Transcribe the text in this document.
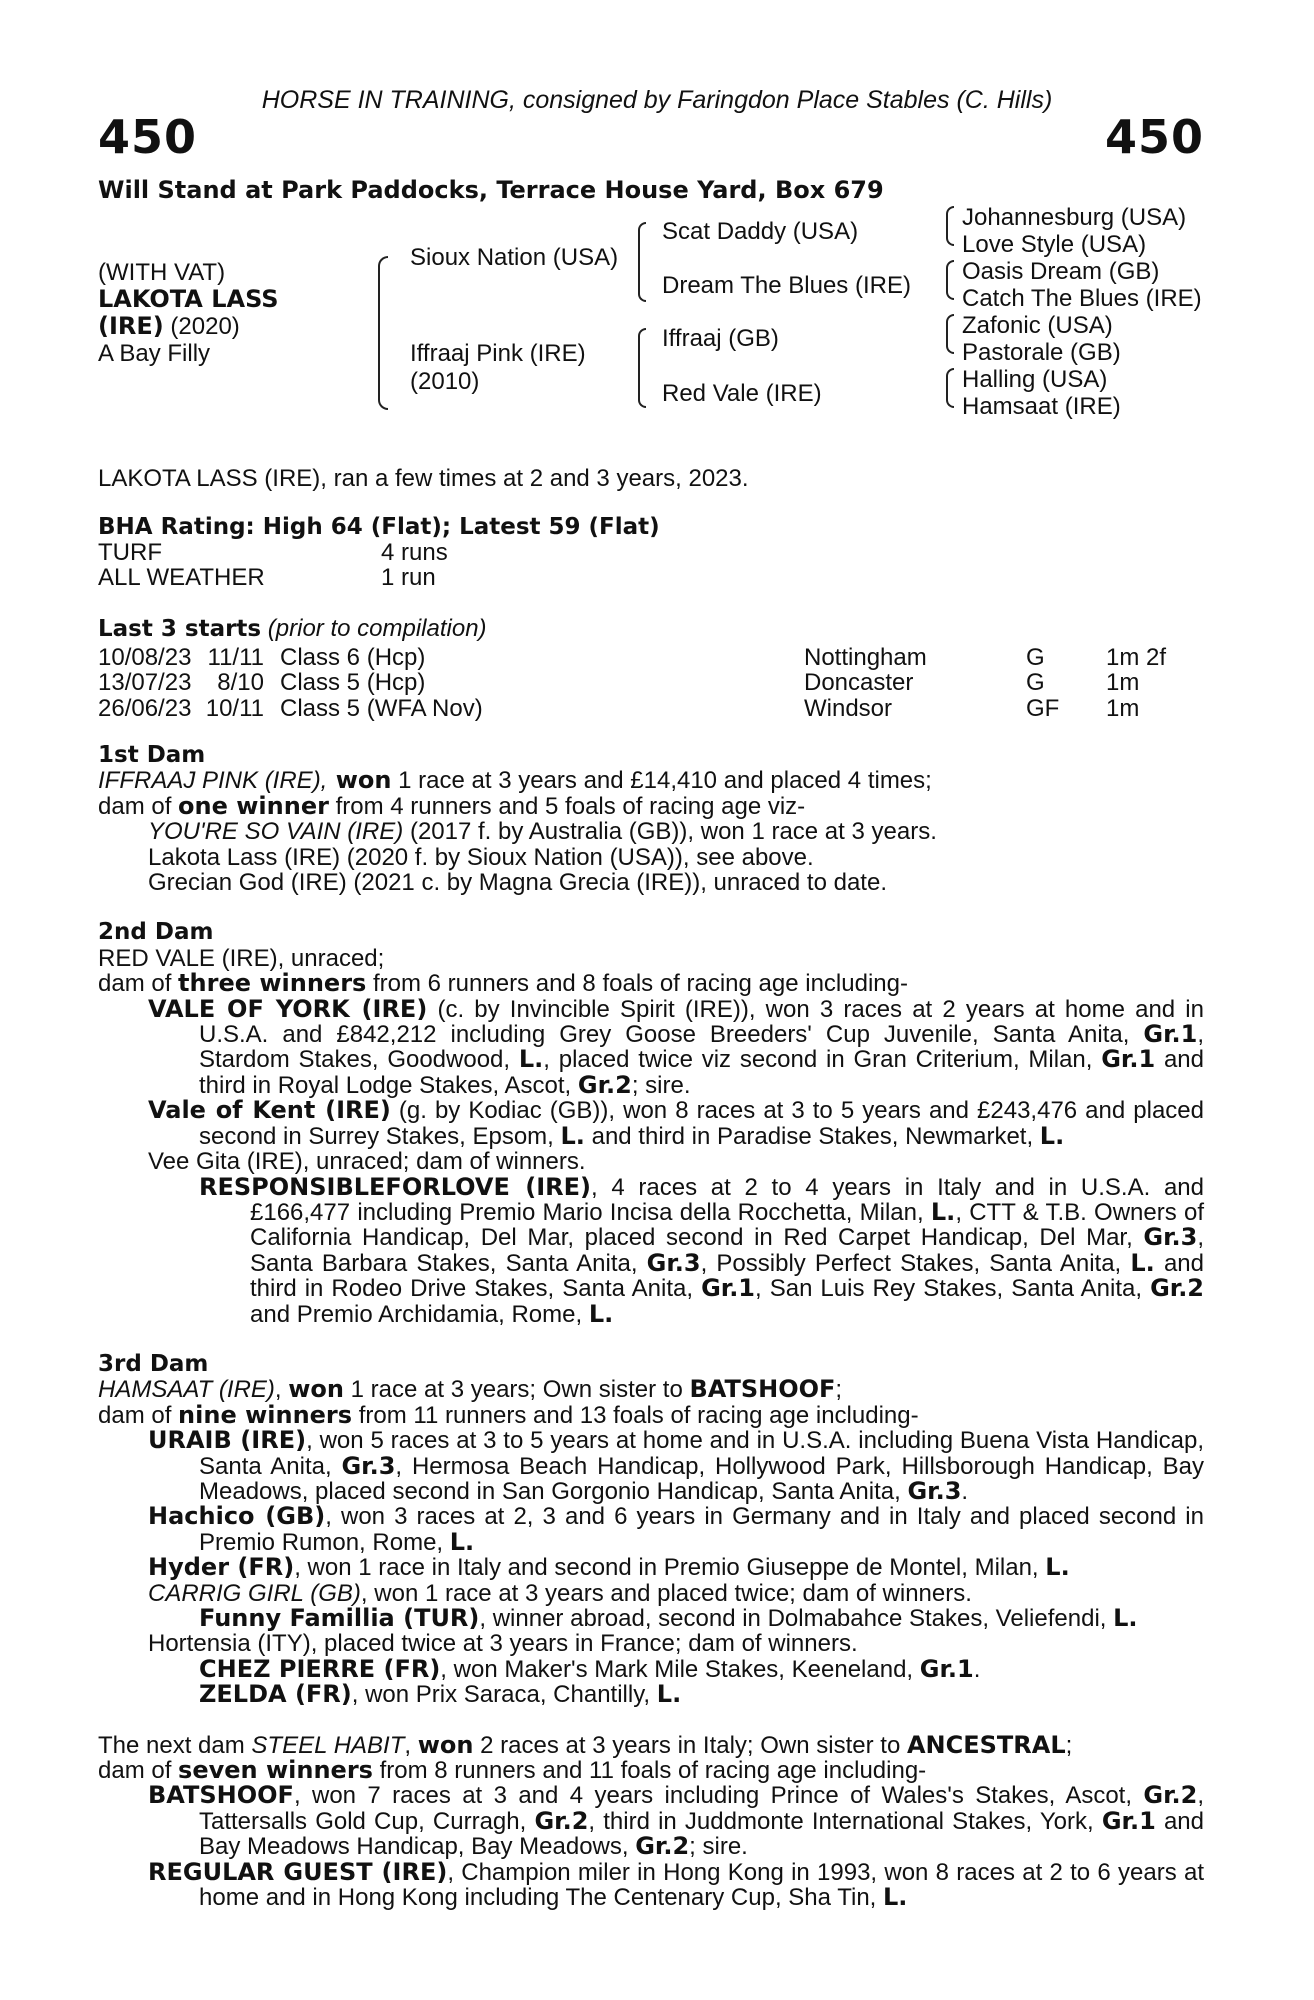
HORSE IN TRAINING, consigned by Faringdon Place Stables (C. Hills)
450	450
Will Stand at Park Paddocks, Terrace House Yard, Box 679
(WITH VAT)
LAKOTA LASS
(IRE) (2020)
A Bay Filly
Sioux Nation (USA)
Iffraaj Pink (IRE)
(2010)
Scat Daddy (USA)
Dream The Blues (IRE)
Iffraaj (GB)
Red Vale (IRE)
Johannesburg (USA)
Love Style (USA)
Oasis Dream (GB)
Catch The Blues (IRE)
Zafonic (USA)
Pastorale (GB)
Halling (USA)
Hamsaat (IRE)
LAKOTA LASS (IRE), ran a few times at 2 and 3 years, 2023.
BHA Rating: High 64 (Flat); Latest 59 (Flat)
TURF	4 runs
ALL WEATHER	1 run
Last 3 starts (prior to compilation)
10/08/23	11/11	Class 6 (Hcp)	Nottingham	G	1m 2f
13/07/23	8/10	Class 5 (Hcp)	Doncaster	G	1m
26/06/23	10/11	Class 5 (WFA Nov)	Windsor	GF	1m

1st Dam

IFFRAAJ PINK (IRE), won 1 race at 3 years and £14,410 and placed 4 times;

dam of one winner from 4 runners and 5 foals of racing age viz-

YOU'RE SO VAIN (IRE) (2017 f. by Australia (GB)), won 1 race at 3 years.

Lakota Lass (IRE) (2020 f. by Sioux Nation (USA)), see above.

Grecian God (IRE) (2021 c. by Magna Grecia (IRE)), unraced to date.

2nd Dam

RED VALE (IRE), unraced;

dam of three winners from 6 runners and 8 foals of racing age including-

VALE OF YORK (IRE) (c. by Invincible Spirit (IRE)), won 3 races at 2 years at home and in U.S.A. and £842,212 including Grey Goose Breeders' Cup Juvenile, Santa Anita, Gr.1, Stardom Stakes, Goodwood, L., placed twice viz second in Gran Criterium, Milan, Gr.1 and third in Royal Lodge Stakes, Ascot, Gr.2; sire.

Vale of Kent (IRE) (g. by Kodiac (GB)), won 8 races at 3 to 5 years and £243,476 and placed second in Surrey Stakes, Epsom, L. and third in Paradise Stakes, Newmarket, L.

Vee Gita (IRE), unraced; dam of winners.

RESPONSIBLEFORLOVE (IRE), 4 races at 2 to 4 years in Italy and in U.S.A. and £166,477 including Premio Mario Incisa della Rocchetta, Milan, L., CTT & T.B. Owners of California Handicap, Del Mar, placed second in Red Carpet Handicap, Del Mar, Gr.3, Santa Barbara Stakes, Santa Anita, Gr.3, Possibly Perfect Stakes, Santa Anita, L. and third in Rodeo Drive Stakes, Santa Anita, Gr.1, San Luis Rey Stakes, Santa Anita, Gr.2 and Premio Archidamia, Rome, L.

3rd Dam

HAMSAAT (IRE), won 1 race at 3 years; Own sister to BATSHOOF;

dam of nine winners from 11 runners and 13 foals of racing age including-

URAIB (IRE), won 5 races at 3 to 5 years at home and in U.S.A. including Buena Vista Handicap, Santa Anita, Gr.3, Hermosa Beach Handicap, Hollywood Park, Hillsborough Handicap, Bay Meadows, placed second in San Gorgonio Handicap, Santa Anita, Gr.3.

Hachico (GB), won 3 races at 2, 3 and 6 years in Germany and in Italy and placed second in Premio Rumon, Rome, L.

Hyder (FR), won 1 race in Italy and second in Premio Giuseppe de Montel, Milan, L.

CARRIG GIRL (GB), won 1 race at 3 years and placed twice; dam of winners.

Funny Famillia (TUR), winner abroad, second in Dolmabahce Stakes, Veliefendi, L.

Hortensia (ITY), placed twice at 3 years in France; dam of winners.

CHEZ PIERRE (FR), won Maker's Mark Mile Stakes, Keeneland, Gr.1.

ZELDA (FR), won Prix Saraca, Chantilly, L.

The next dam STEEL HABIT, won 2 races at 3 years in Italy; Own sister to ANCESTRAL;

dam of seven winners from 8 runners and 11 foals of racing age including-

BATSHOOF, won 7 races at 3 and 4 years including Prince of Wales's Stakes, Ascot, Gr.2, Tattersalls Gold Cup, Curragh, Gr.2, third in Juddmonte International Stakes, York, Gr.1 and Bay Meadows Handicap, Bay Meadows, Gr.2; sire.

REGULAR GUEST (IRE), Champion miler in Hong Kong in 1993, won 8 races at 2 to 6 years at home and in Hong Kong including The Centenary Cup, Sha Tin, L.
